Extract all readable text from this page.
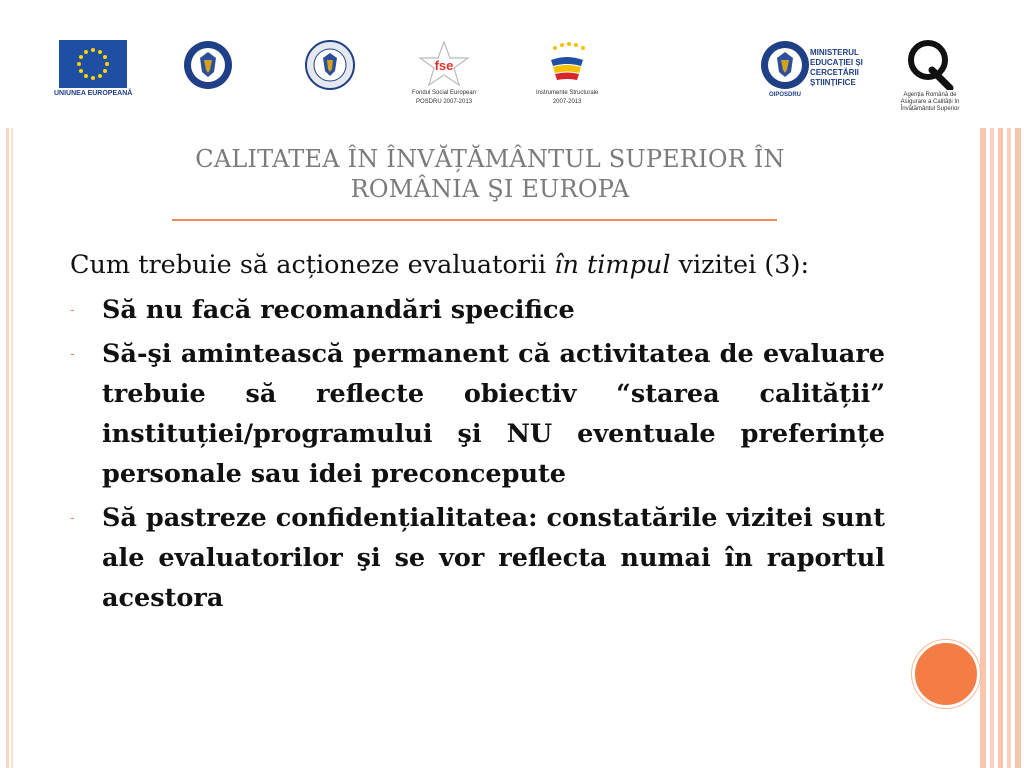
UNIUNEA EUROPEANĂ
fse
Fondul Social European
POSDRU 2007-2013
Instrumente Structurale
2007-2013
OIPOSDRU
MINISTERUL
EDUCAȚIEI ȘI
CERCETĂRII
ȘTIINȚIFICE
Agenția Română de
Asigurare a Calității în
Învățământul Superior
CALITATEA ÎN ÎNVĂȚĂMÂNTUL SUPERIOR ÎN
ROMÂNIA ŞI EUROPA

Cum trebuie să acționeze evaluatorii în timpul vizitei (3):

- Să nu facă recomandări specifice
- Să-şi amintească permanent că activitatea de evaluare trebuie să reflecte obiectiv “starea calității” instituției/programului şi NU eventuale preferințe personale sau idei preconcepute
- Să pastreze confidențialitatea: constatările vizitei sunt ale evaluatorilor şi se vor reflecta numai în raportul acestora
